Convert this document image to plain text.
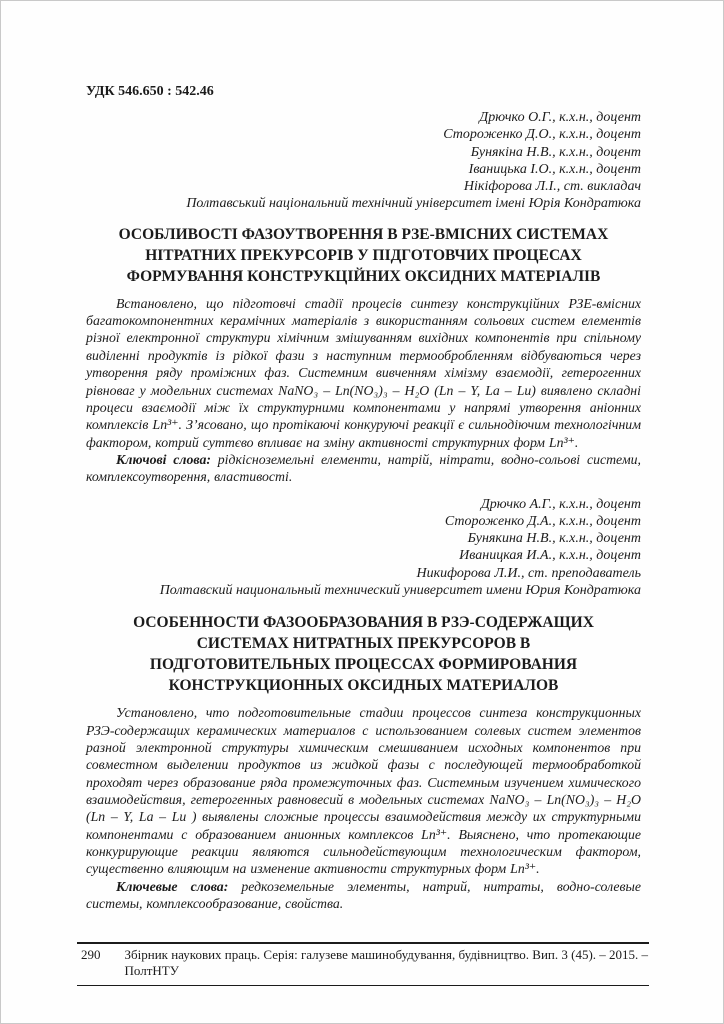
УДК 546.650 : 542.46
Дрючко О.Г., к.х.н., доцент
Стороженко Д.О., к.х.н., доцент
Бунякіна Н.В., к.х.н., доцент
Іваницька І.О., к.х.н., доцент
Нікіфорова Л.І., ст. викладач
Полтавський національний технічний університет імені Юрія Кондратюка
ОСОБЛИВОСТІ ФАЗОУТВОРЕННЯ В РЗЕ-ВМІСНИХ СИСТЕМАХ
НІТРАТНИХ ПРЕКУРСОРІВ У ПІДГОТОВЧИХ ПРОЦЕСАХ
ФОРМУВАННЯ КОНСТРУКЦІЙНИХ ОКСИДНИХ МАТЕРІАЛІВ

Встановлено, що підготовчі стадії процесів синтезу конструкційних РЗЕ-вмісних багатокомпонентних керамічних матеріалів з використанням сольових систем елементів різної електронної структури хімічним змішуванням вихідних компонентів при спільному виділенні продуктів із рідкої фази з наступним термообробленням відбуваються через утворення ряду проміжних фаз. Системним вивченням хімізму взаємодії, гетерогенних рівноваг у модельних системах NaNO₃ – Ln(NO₃)₃ – H₂O (Ln – Y, La – Lu) виявлено складні процеси взаємодії між їх структурними компонентами у напрямі утворення аніонних комплексів Ln³⁺. З’ясовано, що протікаючі конкуруючі реакції є сильнодіючим технологічним фактором, котрий суттєво впливає на зміну активності структурних форм Ln³⁺.

Ключові слова: рідкісноземельні елементи, натрій, нітрати, водно-сольові системи, комплексоутворення, властивості.

Дрючко А.Г., к.х.н., доцент
Стороженко Д.А., к.х.н., доцент
Бунякина Н.В., к.х.н., доцент
Иваницкая И.А., к.х.н., доцент
Никифорова Л.И., ст. преподаватель
Полтавский национальный технический университет имени Юрия Кондратюка
ОСОБЕННОСТИ ФАЗООБРАЗОВАНИЯ В РЗЭ-СОДЕРЖАЩИХ
СИСТЕМАХ НИТРАТНЫХ ПРЕКУРСОРОВ В
ПОДГОТОВИТЕЛЬНЫХ ПРОЦЕССАХ ФОРМИРОВАНИЯ
КОНСТРУКЦИОННЫХ ОКСИДНЫХ МАТЕРИАЛОВ

Установлено, что подготовительные стадии процессов синтеза конструкционных РЗЭ-содержащих керамических материалов с использованием солевых систем элементов разной электронной структуры химическим смешиванием исходных компонентов при совместном выделении продуктов из жидкой фазы с последующей термообработкой проходят через образование ряда промежуточных фаз. Системным изучением химического взаимодействия, гетерогенных равновесий в модельных системах NaNO₃ – Ln(NO₃)₃ – H₂O (Ln – Y, La – Lu ) выявлены сложные процессы взаимодействия между их структурными компонентами с образованием анионных комплексов Ln³⁺. Выяснено, что протекающие конкурирующие реакции являются сильнодействующим технологическим фактором, существенно влияющим на изменение активности структурных форм Ln³⁺.

Ключевые слова: редкоземельные элементы, натрий, нитраты, водно-солевые системы, комплексообразование, свойства.

290 Збірник наукових праць. Серія: галузеве машинобудування, будівництво. Вип. 3 (45). – 2015. – ПолтНТУ
